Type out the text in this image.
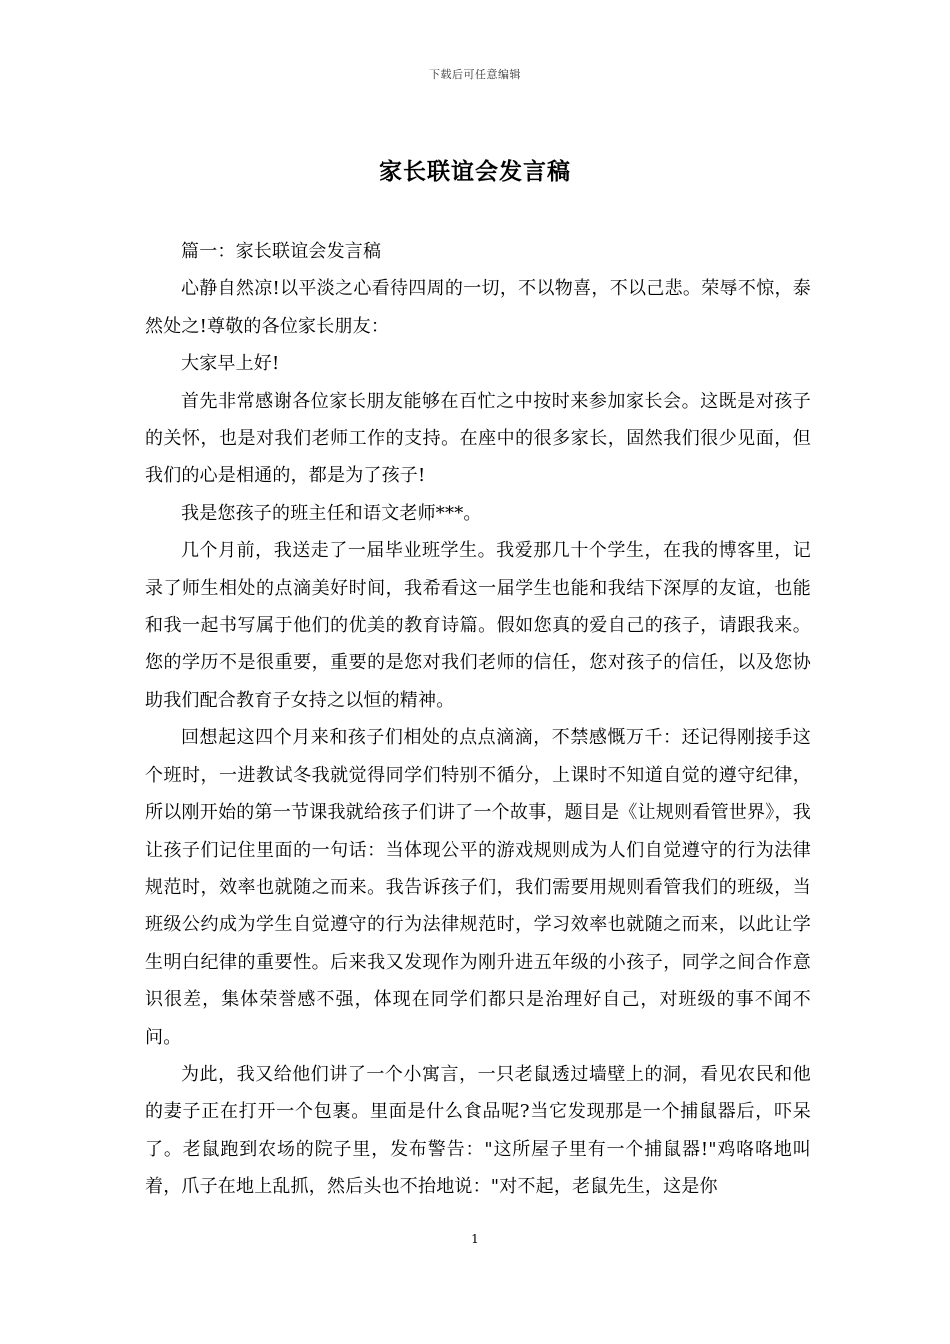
下载后可任意编辑
家长联谊会发言稿

篇一：家长联谊会发言稿

心静自然凉!以平淡之心看待四周的一切，不以物喜，不以己悲。荣辱不惊，泰然处之!尊敬的各位家长朋友：

大家早上好!

首先非常感谢各位家长朋友能够在百忙之中按时来参加家长会。这既是对孩子的关怀，也是对我们老师工作的支持。在座中的很多家长，固然我们很少见面，但我们的心是相通的，都是为了孩子!

我是您孩子的班主任和语文老师***。

几个月前，我送走了一届毕业班学生。我爱那几十个学生，在我的博客里，记录了师生相处的点滴美好时间，我希看这一届学生也能和我结下深厚的友谊，也能和我一起书写属于他们的优美的教育诗篇。假如您真的爱自己的孩子，请跟我来。您的学历不是很重要，重要的是您对我们老师的信任，您对孩子的信任，以及您协助我们配合教育子女持之以恒的精神。

回想起这四个月来和孩子们相处的点点滴滴，不禁感慨万千：还记得刚接手这个班时，一进教试冬我就觉得同学们特别不循分，上课时不知道自觉的遵守纪律，所以刚开始的第一节课我就给孩子们讲了一个故事，题目是《让规则看管世界》，我让孩子们记住里面的一句话：当体现公平的游戏规则成为人们自觉遵守的行为法律规范时，效率也就随之而来。我告诉孩子们，我们需要用规则看管我们的班级，当班级公约成为学生自觉遵守的行为法律规范时，学习效率也就随之而来，以此让学生明白纪律的重要性。后来我又发现作为刚升进五年级的小孩子，同学之间合作意识很差，集体荣誉感不强，体现在同学们都只是治理好自己，对班级的事不闻不问。

为此，我又给他们讲了一个小寓言，一只老鼠透过墙壁上的洞，看见农民和他的妻子正在打开一个包裹。里面是什么食品呢?当它发现那是一个捕鼠器后，吓呆了。老鼠跑到农场的院子里，发布警告："这所屋子里有一个捕鼠器!"鸡咯咯地叫着，爪子在地上乱抓，然后头也不抬地说："对不起，老鼠先生，这是你

1
